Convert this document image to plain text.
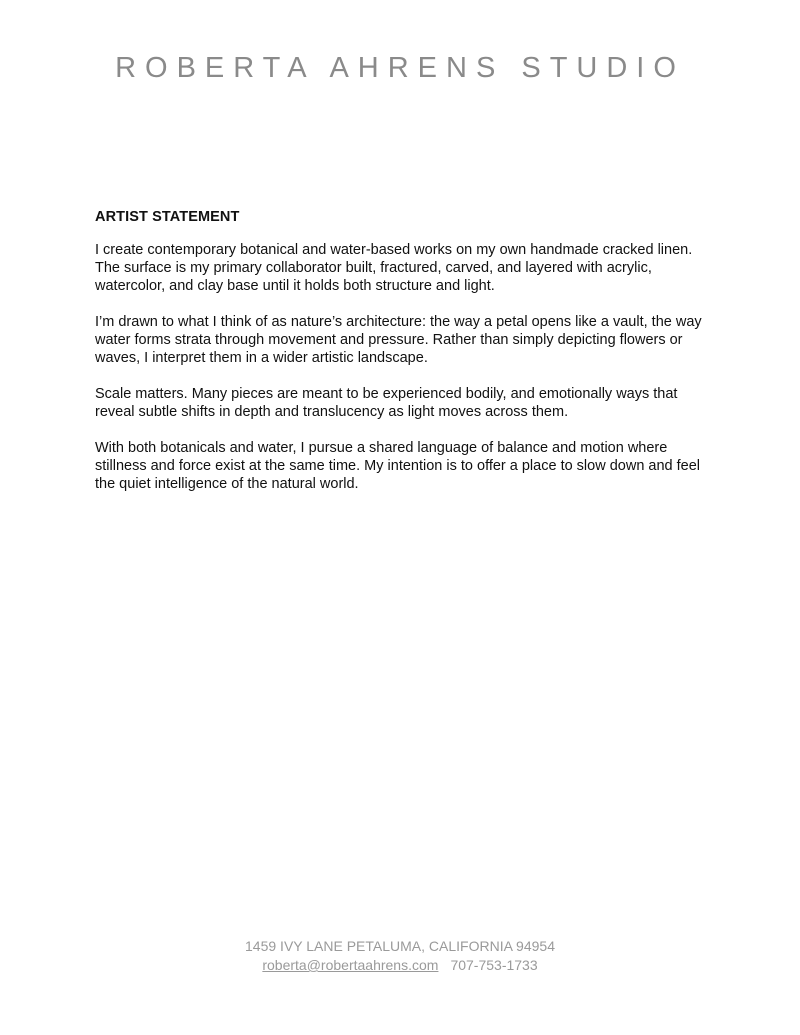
ROBERTA AHRENS STUDIO
ARTIST STATEMENT

I create contemporary botanical and water-based works on my own handmade cracked linen. The surface is my primary collaborator built, fractured, carved, and layered with acrylic, watercolor, and clay base until it holds both structure and light.

I’m drawn to what I think of as nature’s architecture: the way a petal opens like a vault, the way water forms strata through movement and pressure. Rather than simply depicting flowers or waves, I interpret them in a wider artistic landscape.

Scale matters. Many pieces are meant to be experienced bodily, and emotionally ways that reveal subtle shifts in depth and translucency as light moves across them.

With both botanicals and water, I pursue a shared language of balance and motion where stillness and force exist at the same time. My intention is to offer a place to slow down and feel the quiet intelligence of the natural world.

1459 IVY LANE PETALUMA, CALIFORNIA 94954
roberta@robertaahrens.com 707-753-1733
